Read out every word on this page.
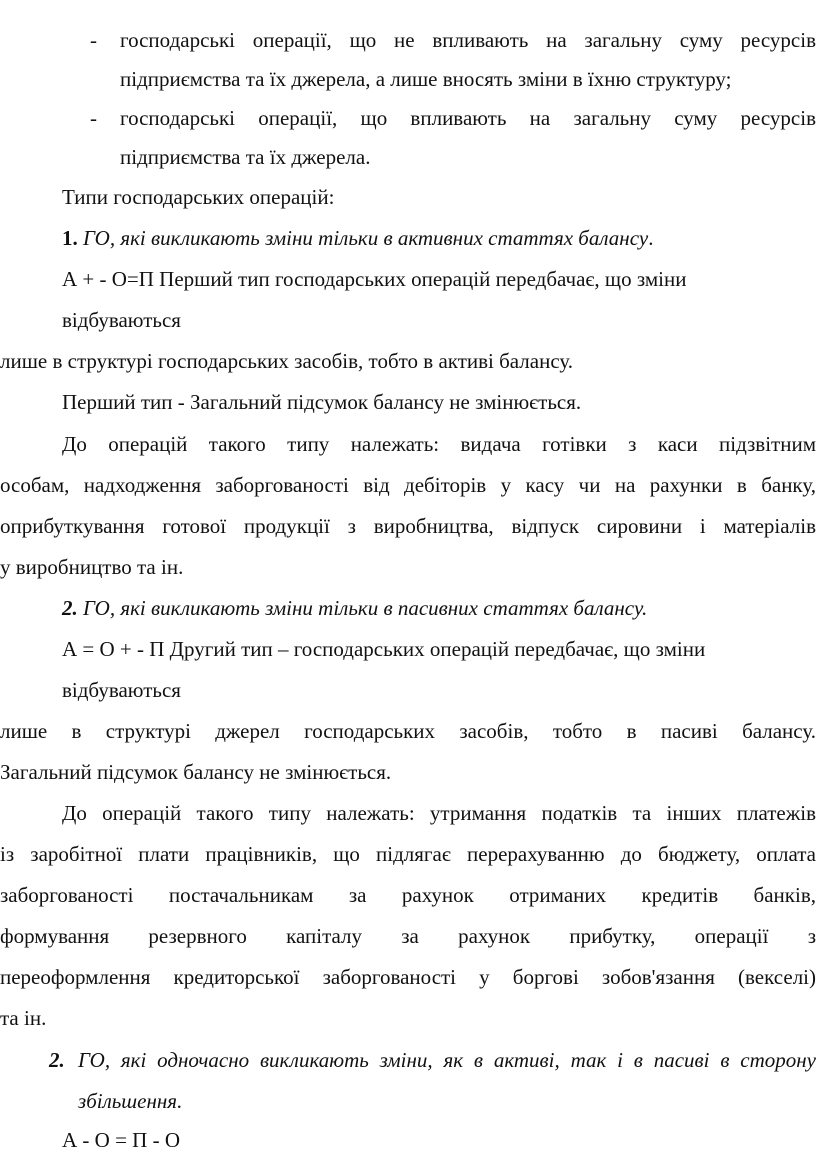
- господарські операції, що не впливають на загальну суму ресурсів
підприємства та їх джерела, а лише вносять зміни в їхню структуру;
- господарські операції, що впливають на загальну суму ресурсів
підприємства та їх джерела.
Типи господарських операцій:
1. ГО, які викликають зміни тільки в активних статтях балансу.
А + - О=П Перший тип господарських операцій передбачає, що зміни
відбуваються
лише в структурі господарських засобів, тобто в активі балансу.
Перший тип - Загальний підсумок балансу не змінюється.
До операцій такого типу належать: видача готівки з каси підзвітним
особам, надходження заборгованості від дебіторів у касу чи на рахунки в банку,
оприбуткування готової продукції з виробництва, відпуск сировини і матеріалів
у виробництво та ін.
2. ГО, які викликають зміни тільки в пасивних статтях балансу.
А = О + - П Другий тип – господарських операцій передбачає, що зміни
відбуваються
лише в структурі джерел господарських засобів, тобто в пасиві балансу.
Загальний підсумок балансу не змінюється.
До операцій такого типу належать: утримання податків та інших платежів
із заробітної плати працівників, що підлягає перерахуванню до бюджету, оплата
заборгованості постачальникам за рахунок отриманих кредитів банків,
формування резервного капіталу за рахунок прибутку, операції з
переоформлення кредиторської заборгованості у боргові зобов'язання (векселі)
та ін.
2. ГО, які одночасно викликають зміни, як в активі, так і в пасиві в сторону
збільшення.
А - О = П - О
